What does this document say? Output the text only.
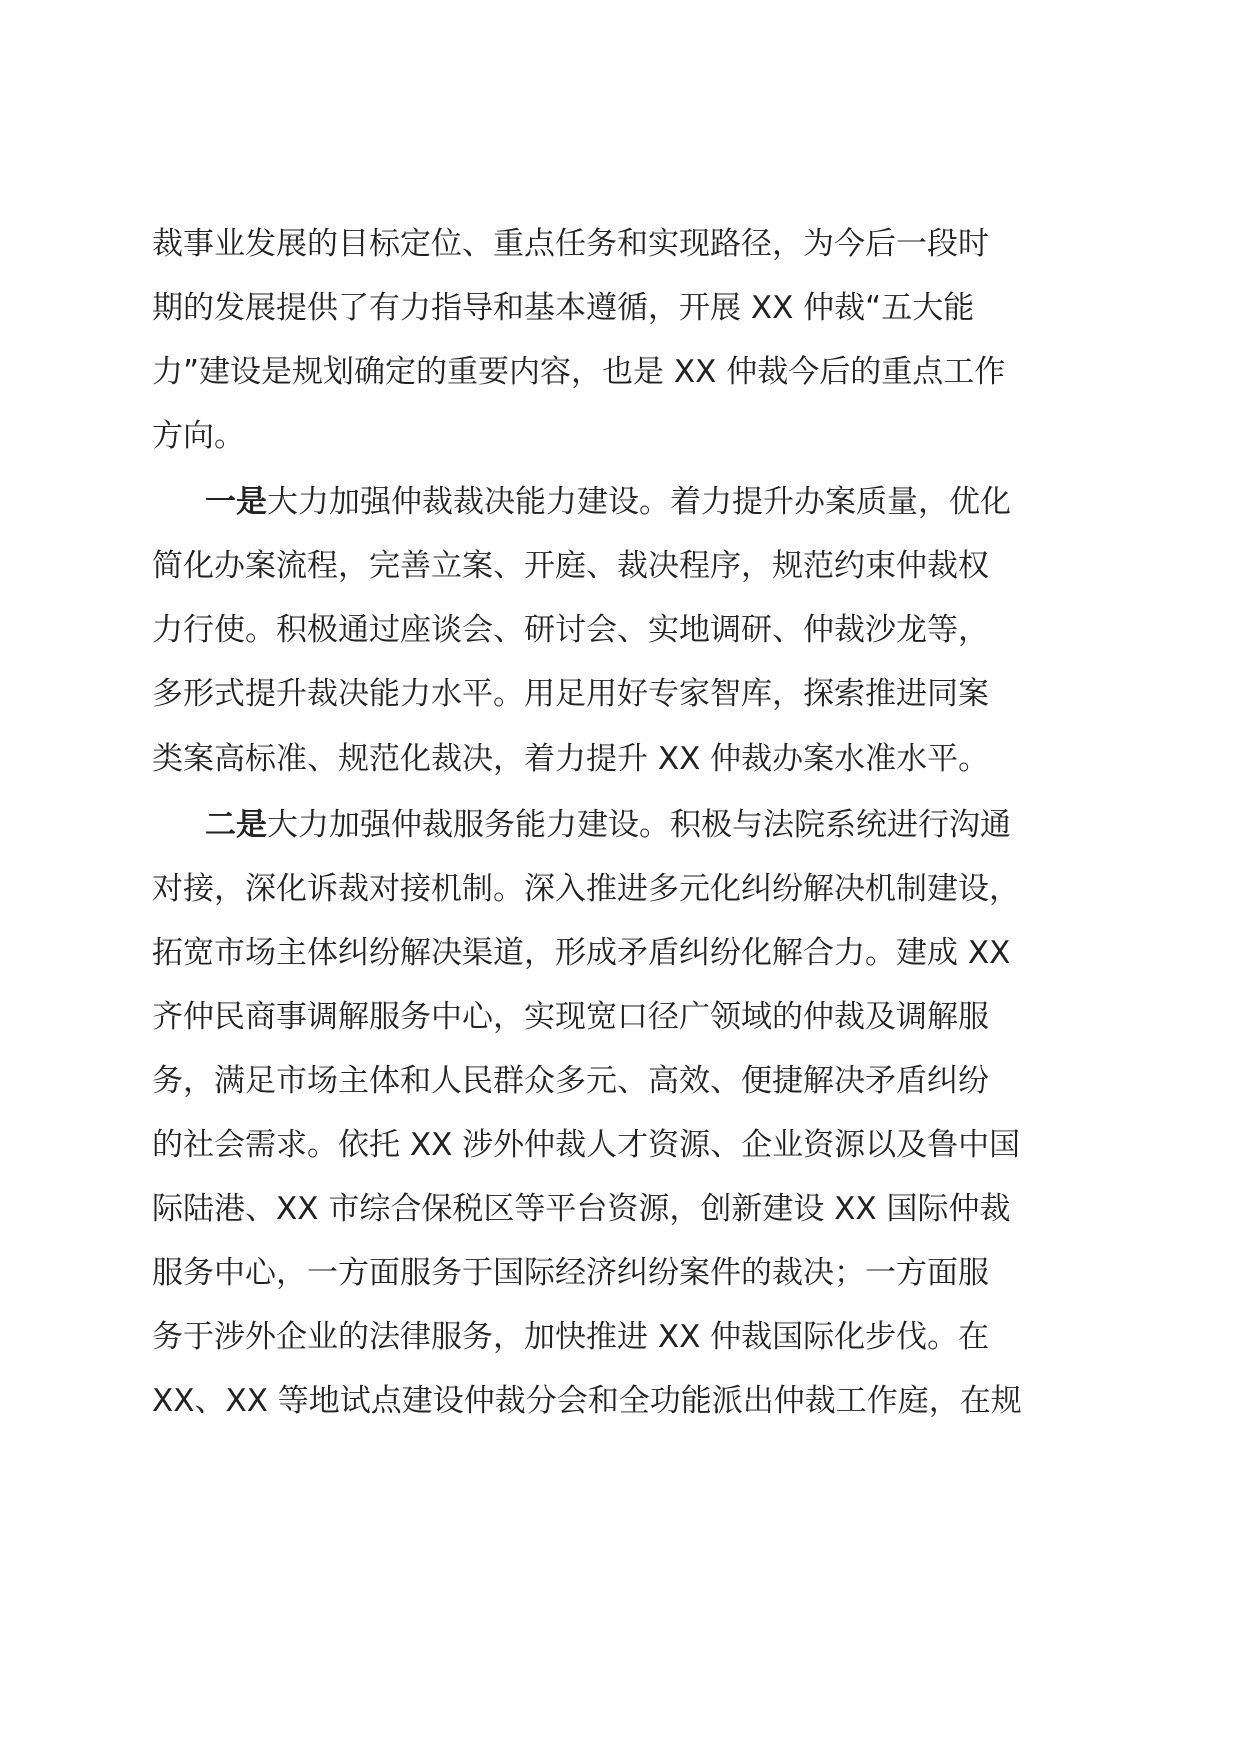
裁事业发展的目标定位、重点任务和实现路径，为今后一段时
期的发展提供了有力指导和基本遵循，开展 XX 仲裁“五大能
力”建设是规划确定的重要内容，也是 XX 仲裁今后的重点工作
方向。
一是大力加强仲裁裁决能力建设。着力提升办案质量，优化
简化办案流程，完善立案、开庭、裁决程序，规范约束仲裁权
力行使。积极通过座谈会、研讨会、实地调研、仲裁沙龙等，
多形式提升裁决能力水平。用足用好专家智库，探索推进同案
类案高标准、规范化裁决，着力提升 XX 仲裁办案水准水平。
二是大力加强仲裁服务能力建设。积极与法院系统进行沟通
对接，深化诉裁对接机制。深入推进多元化纠纷解决机制建设，
拓宽市场主体纠纷解决渠道，形成矛盾纠纷化解合力。建成 XX
齐仲民商事调解服务中心，实现宽口径广领域的仲裁及调解服
务，满足市场主体和人民群众多元、高效、便捷解决矛盾纠纷
的社会需求。依托 XX 涉外仲裁人才资源、企业资源以及鲁中国
际陆港、XX 市综合保税区等平台资源，创新建设 XX 国际仲裁
服务中心，一方面服务于国际经济纠纷案件的裁决；一方面服
务于涉外企业的法律服务，加快推进 XX 仲裁国际化步伐。在
XX、XX 等地试点建设仲裁分会和全功能派出仲裁工作庭，在规
